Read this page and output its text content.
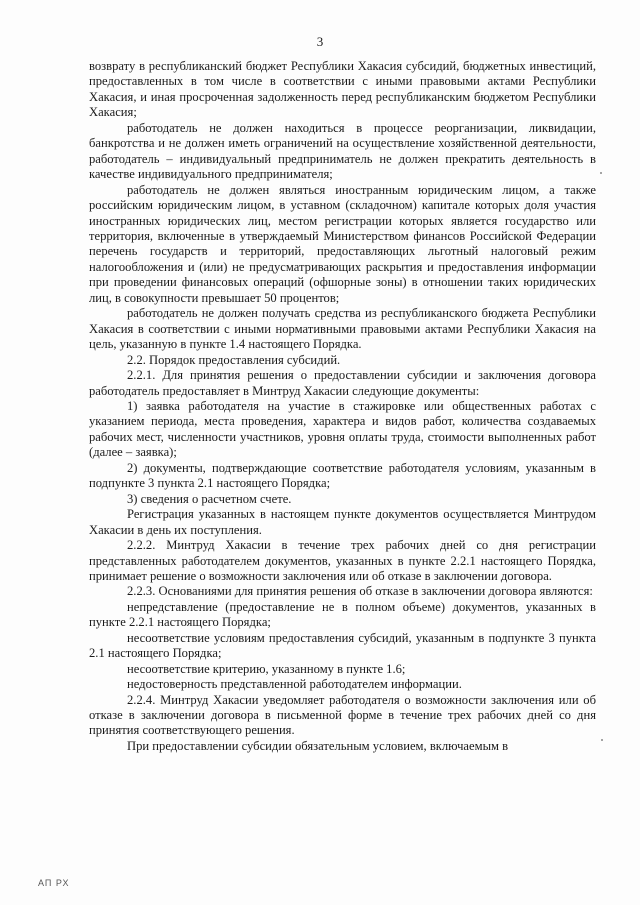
3

возврату в республиканский бюджет Республики Хакасия субсидий, бюджетных инвестиций, предоставленных в том числе в соответствии с иными правовыми актами Республики Хакасия, и иная просроченная задолженность перед республиканским бюджетом Республики Хакасия;

работодатель не должен находиться в процессе реорганизации, ликвидации, банкротства и не должен иметь ограничений на осуществление хозяйственной деятельности, работодатель – индивидуальный предприниматель не должен прекратить деятельность в качестве индивидуального предпринимателя;

работодатель не должен являться иностранным юридическим лицом, а также российским юридическим лицом, в уставном (складочном) капитале которых доля участия иностранных юридических лиц, местом регистрации которых является государство или территория, включенные в утверждаемый Министерством финансов Российской Федерации перечень государств и территорий, предоставляющих льготный налоговый режим налогообложения и (или) не предусматривающих раскрытия и предоставления информации при проведении финансовых операций (офшорные зоны) в отношении таких юридических лиц, в совокупности превышает 50 процентов;

работодатель не должен получать средства из республиканского бюджета Республики Хакасия в соответствии с иными нормативными правовыми актами Республики Хакасия на цель, указанную в пункте 1.4 настоящего Порядка.

2.2. Порядок предоставления субсидий.

2.2.1. Для принятия решения о предоставлении субсидии и заключения договора работодатель предоставляет в Минтруд Хакасии следующие документы:

1) заявка работодателя на участие в стажировке или общественных работах с указанием периода, места проведения, характера и видов работ, количества создаваемых рабочих мест, численности участников, уровня оплаты труда, стоимости выполненных работ (далее – заявка);

2) документы, подтверждающие соответствие работодателя условиям, указанным в подпункте 3 пункта 2.1 настоящего Порядка;

3) сведения о расчетном счете.

Регистрация указанных в настоящем пункте документов осуществляется Минтрудом Хакасии в день их поступления.

2.2.2. Минтруд Хакасии в течение трех рабочих дней со дня регистрации представленных работодателем документов, указанных в пункте 2.2.1 настоящего Порядка, принимает решение о возможности заключения или об отказе в заключении договора.

2.2.3. Основаниями для принятия решения об отказе в заключении договора являются:

непредставление (предоставление не в полном объеме) документов, указанных в пункте 2.2.1 настоящего Порядка;

несоответствие условиям предоставления субсидий, указанным в подпункте 3 пункта 2.1 настоящего Порядка;

несоответствие критерию, указанному в пункте 1.6;

недостоверность представленной работодателем информации.

2.2.4. Минтруд Хакасии уведомляет работодателя о возможности заключения или об отказе в заключении договора в письменной форме в течение трех рабочих дней со дня принятия соответствующего решения.

При предоставлении субсидии обязательным условием, включаемым в

АП РХ
